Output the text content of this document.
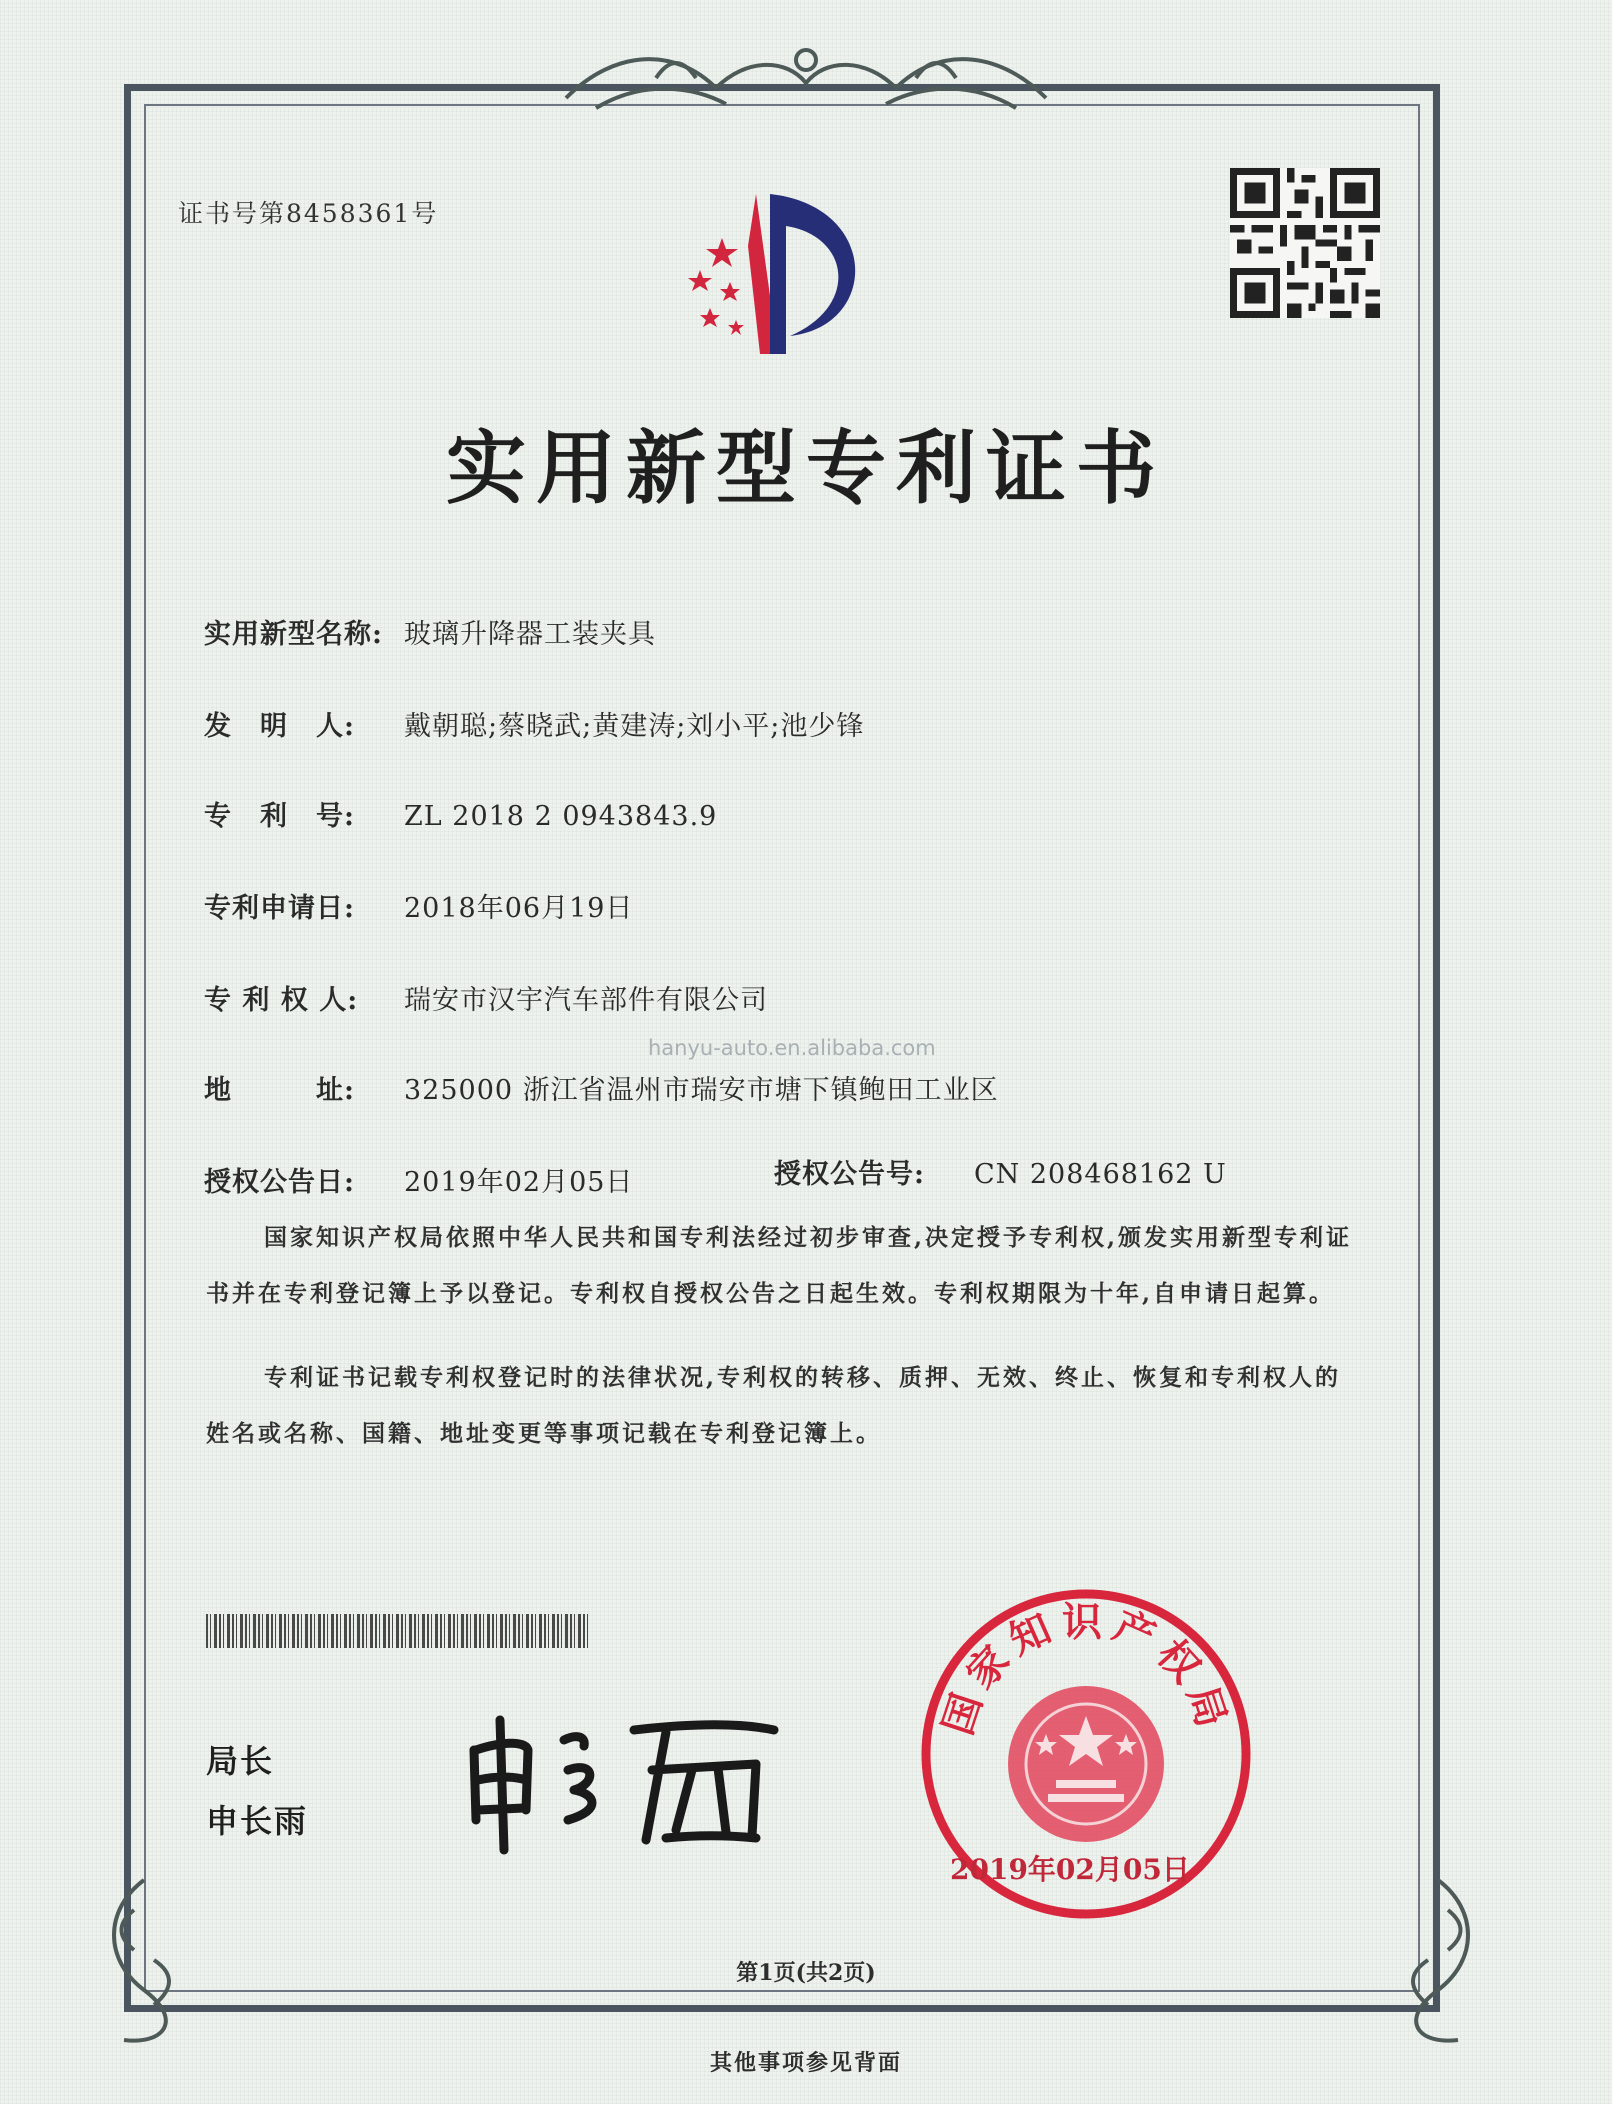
证书号第8458361号
实用新型专利证书
实用新型名称: 玻璃升降器工装夹具
发　明　人: 戴朝聪;蔡晓武;黄建涛;刘小平;池少锋
专　利　号: ZL 2018 2 0943843.9
专利申请日: 2018年06月19日
专 利 权 人: 瑞安市汉宇汽车部件有限公司
hanyu-auto.en.alibaba.com
地　　　址: 325000 浙江省温州市瑞安市塘下镇鲍田工业区
授权公告日: 2019年02月05日	授权公告号: CN 208468162 U
国家知识产权局依照中华人民共和国专利法经过初步审查,决定授予专利权,颁发实用新型专利证书并在专利登记簿上予以登记。专利权自授权公告之日起生效。专利权期限为十年,自申请日起算。
专利证书记载专利权登记时的法律状况,专利权的转移、质押、无效、终止、恢复和专利权人的姓名或名称、国籍、地址变更等事项记载在专利登记簿上。
局长
申长雨
国家知识产权局
2019年02月05日
第1页(共2页)
其他事项参见背面
